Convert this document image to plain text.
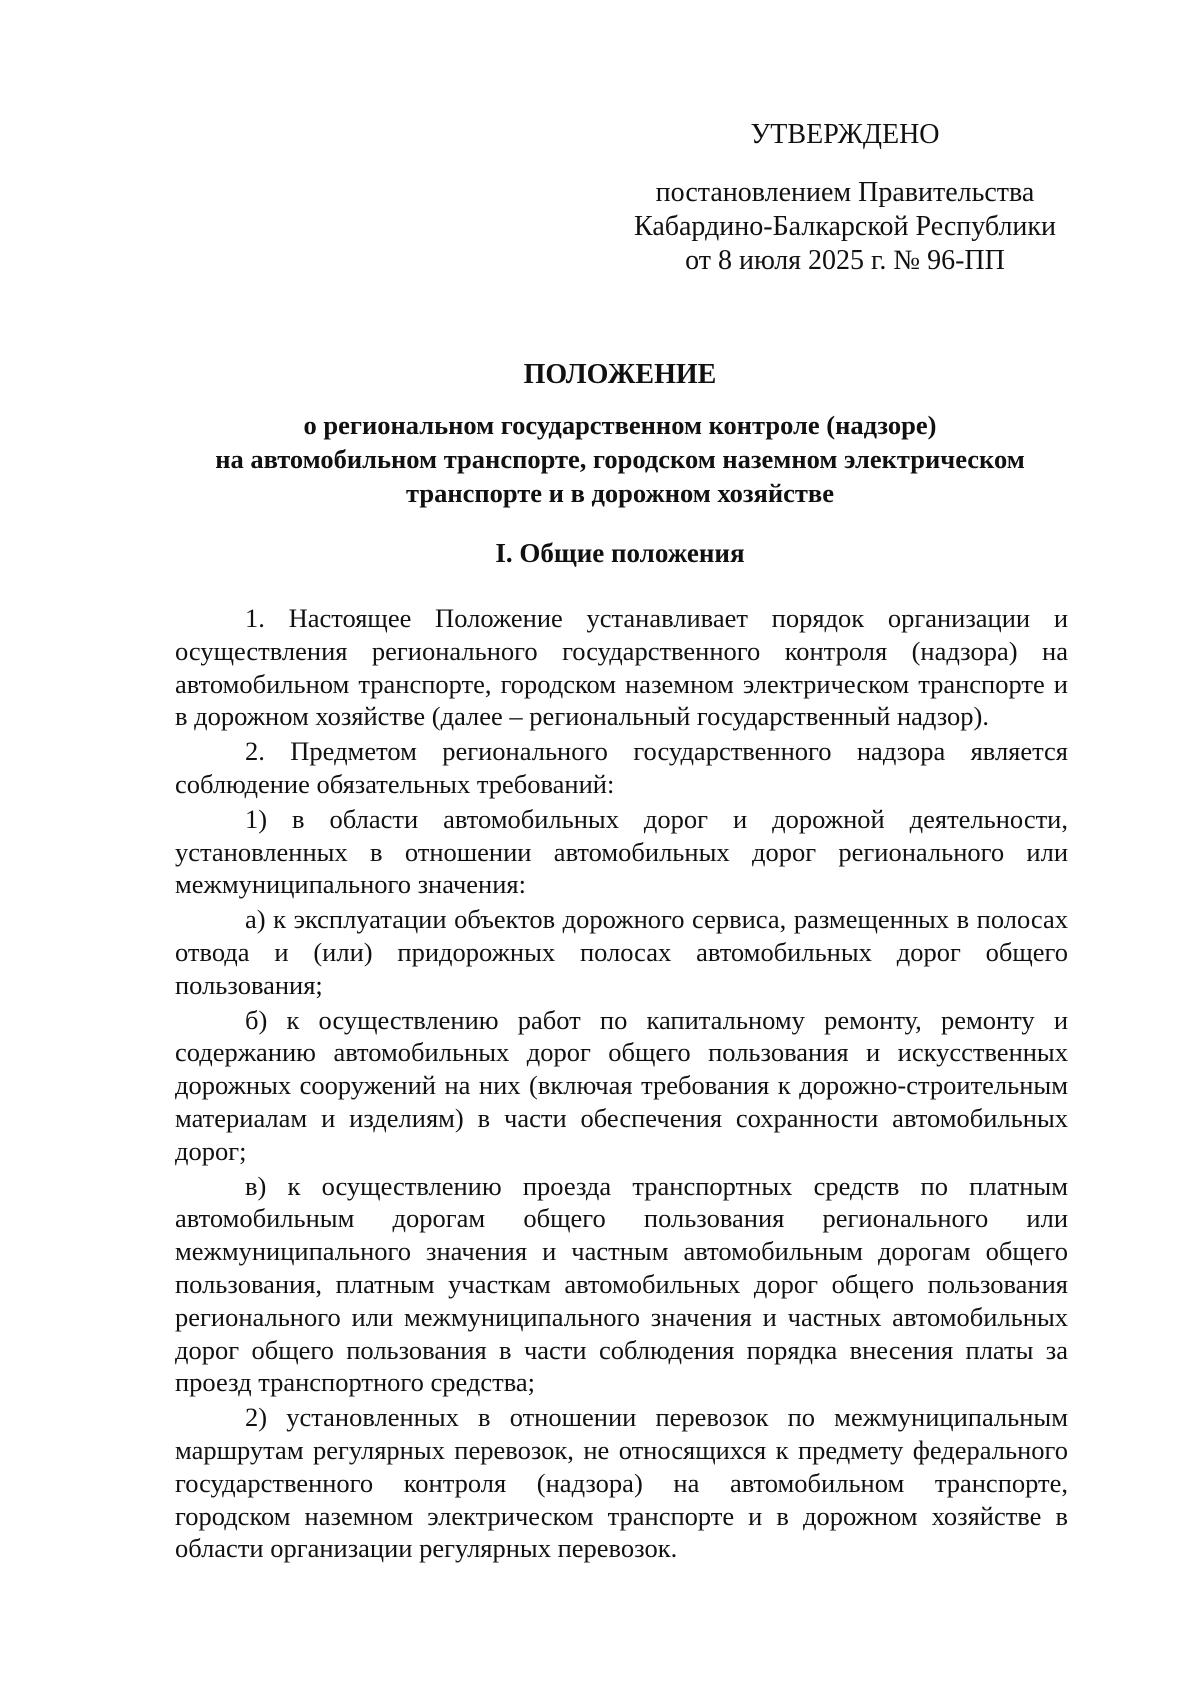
УТВЕРЖДЕНО
постановлением Правительства
Кабардино-Балкарской Республики
от 8 июля 2025 г. № 96-ПП
ПОЛОЖЕНИЕ
о региональном государственном контроле (надзоре)
на автомобильном транспорте, городском наземном электрическом
транспорте и в дорожном хозяйстве
I. Общие положения

1. Настоящее Положение устанавливает порядок организации и осуществления регионального государственного контроля (надзора) на автомобильном транспорте, городском наземном электрическом транспорте и в дорожном хозяйстве (далее – региональный государственный надзор).

2. Предметом регионального государственного надзора является соблюдение обязательных требований:

1) в области автомобильных дорог и дорожной деятельности, установленных в отношении автомобильных дорог регионального или межмуниципального значения:

а) к эксплуатации объектов дорожного сервиса, размещенных в полосах отвода и (или) придорожных полосах автомобильных дорог общего пользования;

б) к осуществлению работ по капитальному ремонту, ремонту и содержанию автомобильных дорог общего пользования и искусственных дорожных сооружений на них (включая требования к дорожно-строительным материалам и изделиям) в части обеспечения сохранности автомобильных дорог;

в) к осуществлению проезда транспортных средств по платным автомобильным дорогам общего пользования регионального или межмуниципального значения и частным автомобильным дорогам общего пользования, платным участкам автомобильных дорог общего пользования регионального или межмуниципального значения и частных автомобильных дорог общего пользования в части соблюдения порядка внесения платы за проезд транспортного средства;

2) установленных в отношении перевозок по межмуниципальным маршрутам регулярных перевозок, не относящихся к предмету федерального государственного контроля (надзора) на автомобильном транспорте, городском наземном электрическом транспорте и в дорожном хозяйстве в области организации регулярных перевозок.
